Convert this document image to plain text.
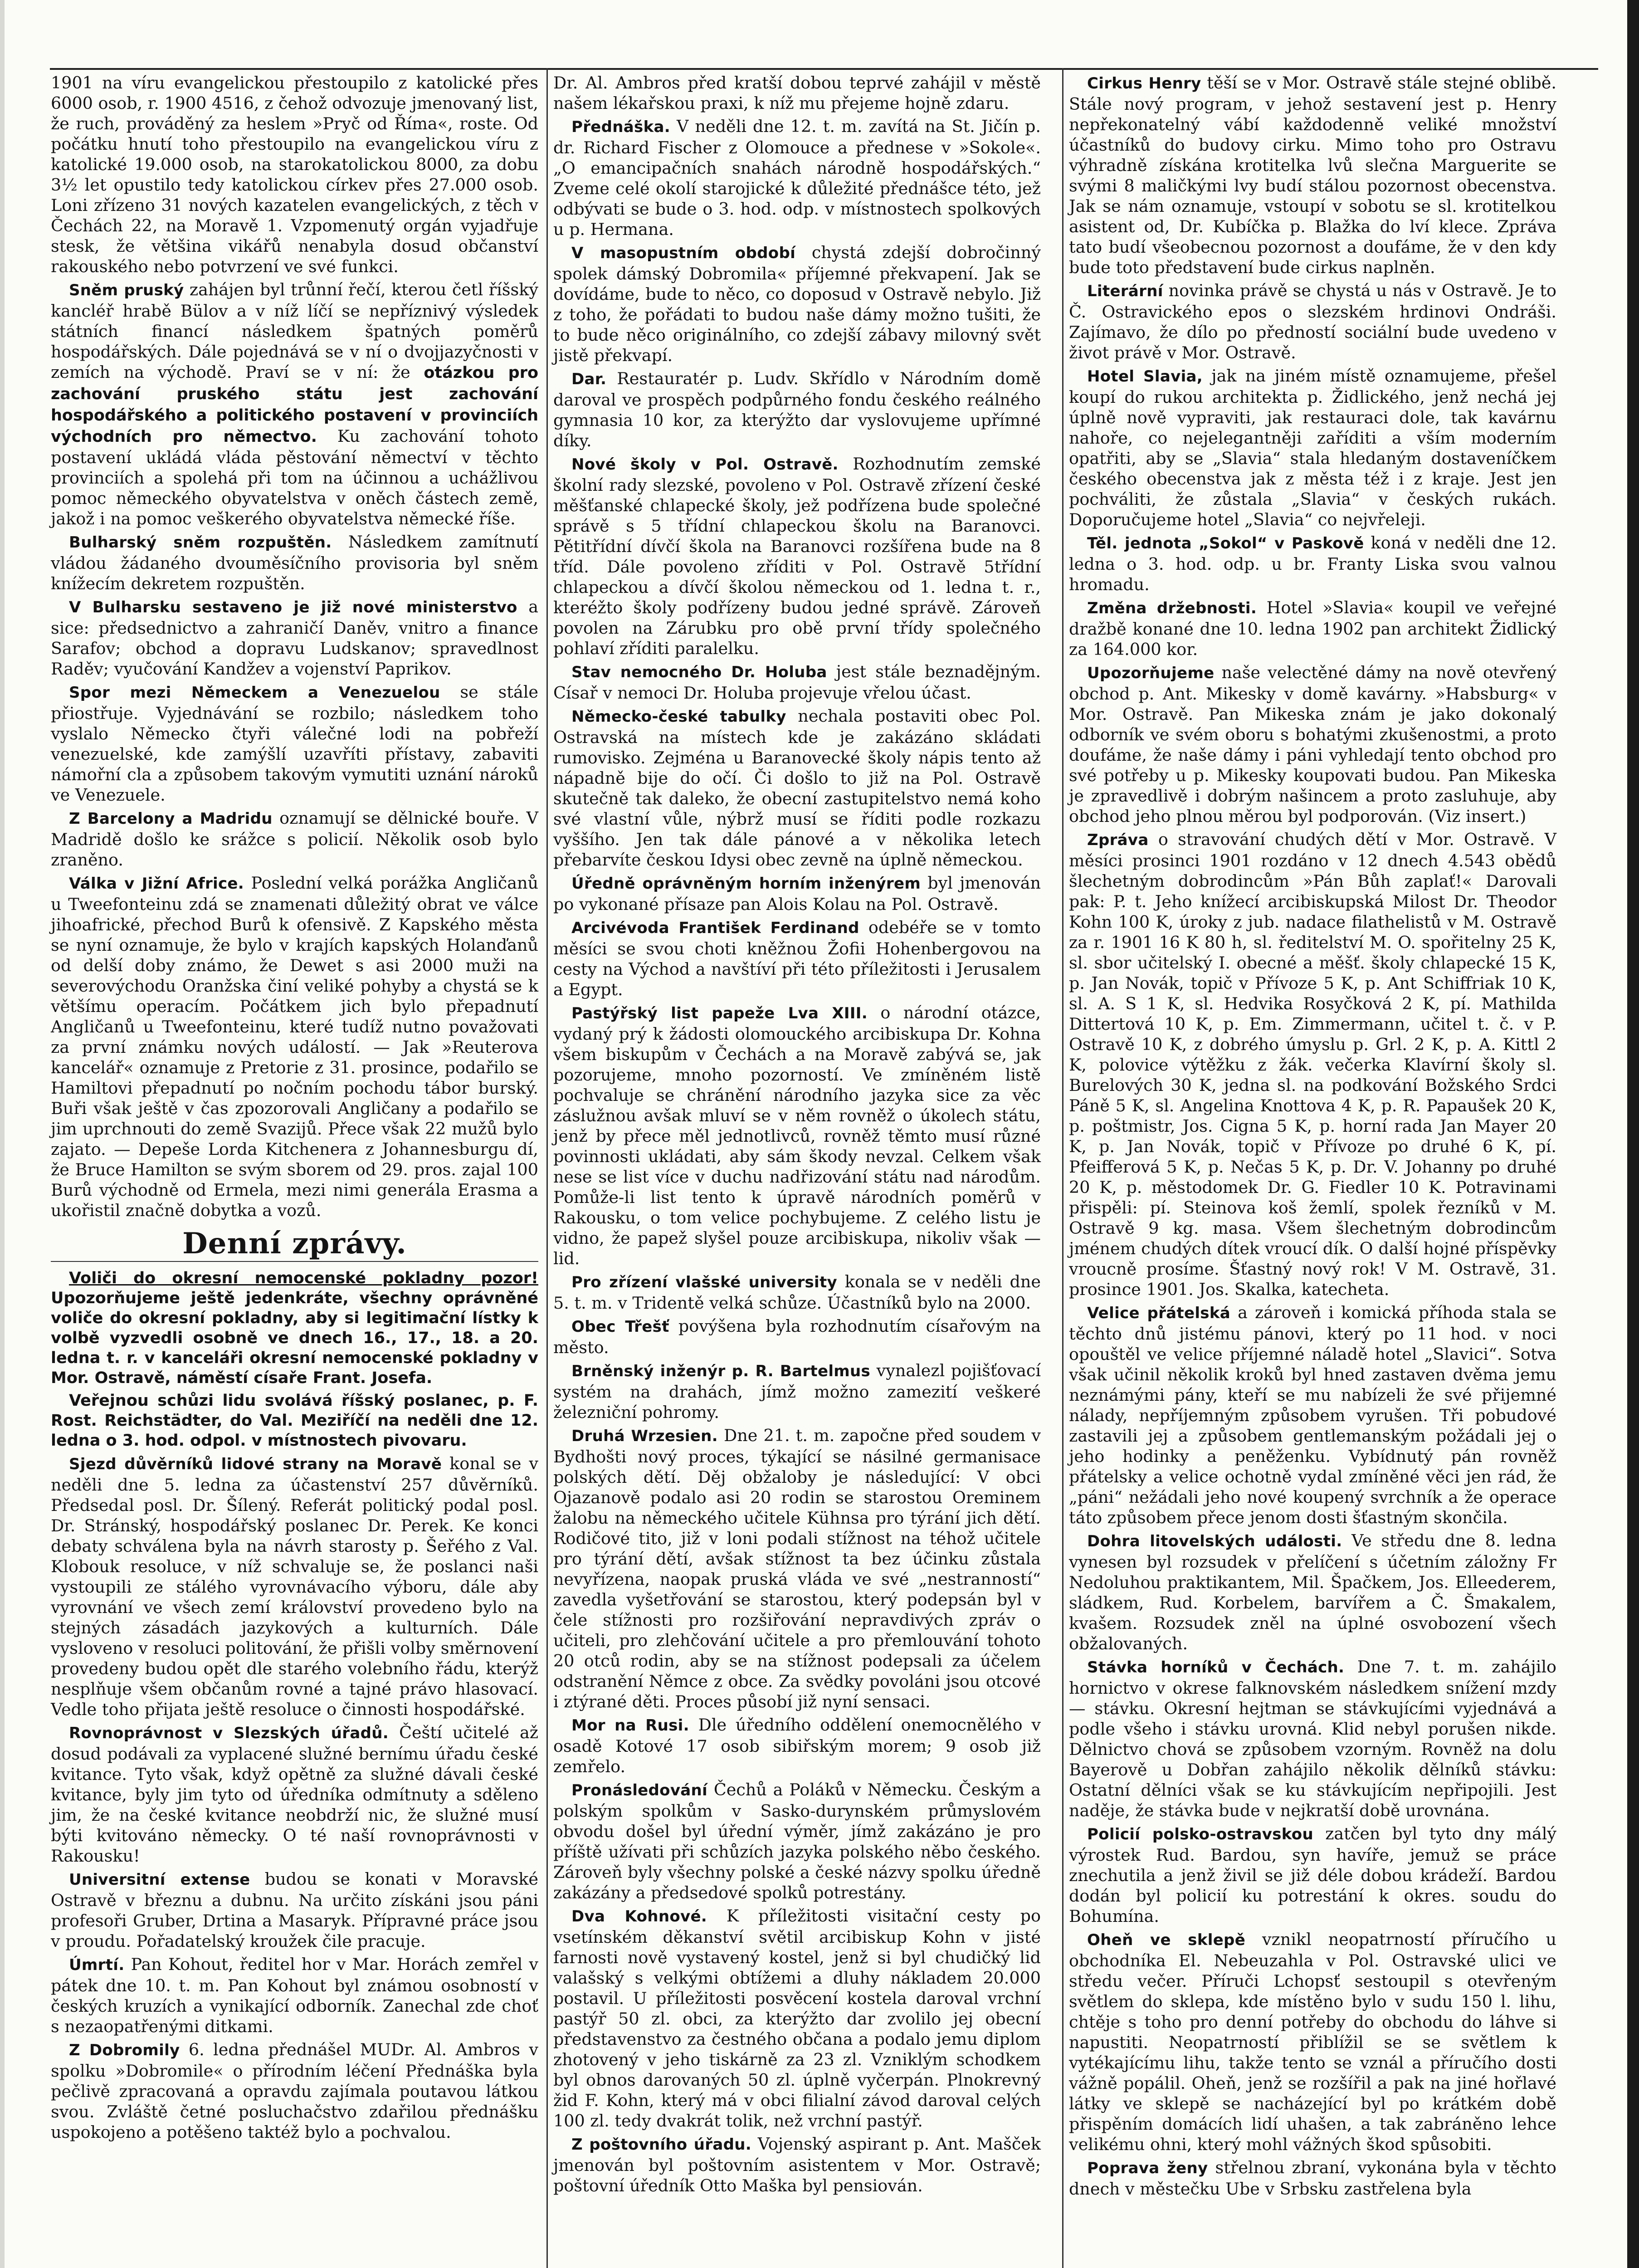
1901 na víru evangelickou přestoupilo z katolické přes 6000 osob, r. 1900 4516, z čehož odvozuje jmenovaný list, že ruch, prováděný za heslem »Pryč od Říma«, roste. Od počátku hnutí toho přestoupilo na evangelickou víru z katolické 19.000 osob, na starokatolickou 8000, za dobu 3½ let opustilo tedy katolickou církev přes 27.000 osob. Loni zřízeno 31 nových kazatelen evangelických, z těch v Čechách 22, na Moravě 1. Vzpomenutý orgán vyjadřuje stesk, že většina vikářů nenabyla dosud občanství rakouského nebo potvrzení ve své funkci.

Sněm pruský zahájen byl trůnní řečí, kterou četl říšský kancléř hrabě Bülov a v níž líčí se nepříznivý výsledek státních financí následkem špatných poměrů hospodářských. Dále pojednává se v ní o dvojjazyčnosti v zemích na východě. Praví se v ní: že otázkou pro zachování pruského státu jest zachování hospodářského a politického postavení v provinciích východních pro němectvo. Ku zachování tohoto postavení ukládá vláda pěstování němectví v těchto provinciích a spolehá při tom na účinnou a uchážlivou pomoc německého obyvatelstva v oněch částech země, jakož i na pomoc veškerého obyvatelstva německé říše.

Bulharský sněm rozpuštěn. Následkem zamítnutí vládou žádaného dvouměsíčního provisoria byl sněm knížecím dekretem rozpuštěn.

V Bulharsku sestaveno je již nové ministerstvo a sice: předsednictvo a zahraničí Daněv, vnitro a finance Sarafov; obchod a dopravu Ludskanov; spravedlnost Raděv; vyučování Kandžev a vojenství Paprikov.

Spor mezi Německem a Venezuelou se stále přiostřuje. Vyjednávání se rozbilo; následkem toho vyslalo Německo čtyři válečné lodi na pobřeží venezuelské, kde zamýšlí uzavříti přístavy, zabaviti námořní cla a způsobem takovým vymutiti uznání nároků ve Venezuele.

Z Barcelony a Madridu oznamují se dělnické bouře. V Madridě došlo ke srážce s policií. Několik osob bylo zraněno.

Válka v Jižní Africe. Poslední velká porážka Angličanů u Tweefonteinu zdá se znamenati důležitý obrat ve válce jihoafrické, přechod Burů k ofensivě. Z Kapského města se nyní oznamuje, že bylo v krajích kapských Holanďanů od delší doby známo, že Dewet s asi 2000 muži na severovýchodu Oranžska činí veliké pohyby a chystá se k většímu operacím. Počátkem jich bylo přepadnutí Angličanů u Tweefonteinu, které tudíž nutno považovati za první známku nových událostí. — Jak »Reuterova kancelář« oznamuje z Pretorie z 31. prosince, podařilo se Hamiltovi přepadnutí po nočním pochodu tábor burský. Buři však ještě v čas zpozorovali Angličany a podařilo se jim uprchnouti do země Svazijů. Přece však 22 mužů bylo zajato. — Depeše Lorda Kitchenera z Johannesburgu dí, že Bruce Hamilton se svým sborem od 29. pros. zajal 100 Burů východně od Ermela, mezi nimi generála Erasma a ukořistil značně dobytka a vozů.

Denní zprávy.

Voliči do okresní nemocenské pokladny pozor! Upozorňujeme ještě jedenkráte, všechny oprávněné voliče do okresní pokladny, aby si legitimační lístky k volbě vyzvedli osobně ve dnech 16., 17., 18. a 20. ledna t. r. v kanceláři okresní nemocenské pokladny v Mor. Ostravě, náměstí císaře Frant. Josefa.

Veřejnou schůzi lidu svolává říšský poslanec, p. F. Rost. Reichstädter, do Val. Meziříčí na neděli dne 12. ledna o 3. hod. odpol. v místnostech pivovaru.

Sjezd důvěrníků lidové strany na Moravě konal se v neděli dne 5. ledna za účastenství 257 důvěrníků. Předsedal posl. Dr. Šílený. Referát politický podal posl. Dr. Stránský, hospodářský poslanec Dr. Perek. Ke konci debaty schválena byla na návrh starosty p. Šeřého z Val. Klobouk resoluce, v níž schvaluje se, že poslanci naši vystoupili ze stálého vyrovnávacího výboru, dále aby vyrovnání ve všech zemí království provedeno bylo na stejných zásadách jazykových a kulturních. Dále vysloveno v resoluci politování, že přišli volby směrnovení provedeny budou opět dle starého volebního řádu, kterýž nesplňuje všem občanům rovné a tajné právo hlasovací. Vedle toho přijata ještě resoluce o činnosti hospodářské.

Rovnoprávnost v Slezských úřadů. Čeští učitelé až dosud podávali za vyplacené služné bernímu úřadu české kvitance. Tyto však, když opětně za služné dávali české kvitance, byly jim tyto od úředníka odmítnuty a sděleno jim, že na české kvitance neobdrží nic, že služné musí býti kvitováno německy. O té naší rovnoprávnosti v Rakousku!

Universitní extense budou se konati v Moravské Ostravě v březnu a dubnu. Na určito získáni jsou páni profesoři Gruber, Drtina a Masaryk. Přípravné práce jsou v proudu. Pořadatelský kroužek čile pracuje.

Úmrtí. Pan Kohout, ředitel hor v Mar. Horách zemřel v pátek dne 10. t. m. Pan Kohout byl známou osobností v českých kruzích a vynikající odborník. Zanechal zde choť s nezaopatřenými ditkami.

Z Dobromily 6. ledna přednášel MUDr. Al. Ambros v spolku »Dobromile« o přírodním léčení Přednáška byla pečlivě zpracovaná a opravdu zajímala poutavou látkou svou. Zvláště četné posluchačstvo zdařilou přednášku uspokojeno a potěšeno taktéž bylo a pochvalou.

Dr. Al. Ambros před kratší dobou teprvé zahájil v městě našem lékařskou praxi, k níž mu přejeme hojně zdaru.

Přednáška. V neděli dne 12. t. m. zavítá na St. Jičín p. dr. Richard Fischer z Olomouce a přednese v »Sokole«. „O emancipačních snahách národně hospodářských.“ Zveme celé okolí starojické k důležité přednášce této, jež odbývati se bude o 3. hod. odp. v místnostech spolkových u p. Hermana.

V masopustním období chystá zdejší dobročinný spolek dámský Dobromila« příjemné překvapení. Jak se dovídáme, bude to něco, co doposud v Ostravě nebylo. Již z toho, že pořádati to budou naše dámy možno tušiti, že to bude něco originálního, co zdejší zábavy milovný svět jistě překvapí.

Dar. Restauratér p. Ludv. Skřídlo v Národním domě daroval ve prospěch podpůrného fondu českého reálného gymnasia 10 kor, za kterýžto dar vyslovujeme upřímné díky.

Nové školy v Pol. Ostravě. Rozhodnutím zemské školní rady slezské, povoleno v Pol. Ostravě zřízení české měšťanské chlapecké školy, jež podřízena bude společné správě s 5 třídní chlapeckou školu na Baranovci. Pětitřídní dívčí škola na Baranovci rozšířena bude na 8 tříd. Dále povoleno zříditi v Pol. Ostravě 5třídní chlapeckou a dívčí školou německou od 1. ledna t. r., kteréžto školy podřízeny budou jedné správě. Zároveň povolen na Zárubku pro obě první třídy společného pohlaví zříditi paralelku.

Stav nemocného Dr. Holuba jest stále beznadějným. Císař v nemoci Dr. Holuba projevuje vřelou účast.

Německo-české tabulky nechala postaviti obec Pol. Ostravská na místech kde je zakázáno skládati rumovisko. Zejména u Baranovecké školy nápis tento až nápadně bije do očí. Či došlo to již na Pol. Ostravě skutečně tak daleko, že obecní zastupitelstvo nemá koho své vlastní vůle, nýbrž musí se říditi podle rozkazu vyššího. Jen tak dále pánové a v několika letech přebarvíte českou Idysi obec zevně na úplně německou.

Úředně oprávněným horním inženýrem byl jmenován po vykonané přísaze pan Alois Kolau na Pol. Ostravě.

Arcivévoda František Ferdinand odebéře se v tomto měsíci se svou choti kněžnou Žofii Hohenbergovou na cesty na Východ a navštíví při této příležitosti i Jerusalem a Egypt.

Pastýřský list papeže Lva XIII. o národní otázce, vydaný prý k žádosti olomouckého arcibiskupa Dr. Kohna všem biskupům v Čechách a na Moravě zabývá se, jak pozorujeme, mnoho pozorností. Ve zmíněném listě pochvaluje se chránění národního jazyka sice za věc záslužnou avšak mluví se v něm rovněž o úkolech státu, jenž by přece měl jednotlivců, rovněž těmto musí různé povinnosti ukládati, aby sám škody nevzal. Celkem však nese se list více v duchu nadřizování státu nad národům. Pomůže-li list tento k úpravě národních poměrů v Rakousku, o tom velice pochybujeme. Z celého listu je vidno, že papež slyšel pouze arcibiskupa, nikoliv však — lid.

Pro zřízení vlašské university konala se v neděli dne 5. t. m. v Tridentě velká schůze. Účastníků bylo na 2000.

Obec Třešť povýšena byla rozhodnutím císařovým na město.

Brněnský inženýr p. R. Bartelmus vynalezl pojišťovací systém na drahách, jímž možno zamezití veškeré železniční pohromy.

Druhá Wrzesien. Dne 21. t. m. započne před soudem v Bydhošti nový proces, týkající se násilné germanisace polských dětí. Děj obžaloby je následující: V obci Ojazanově podalo asi 20 rodin se starostou Oreminem žalobu na německého učitele Kühnsa pro týrání jich dětí. Rodičové tito, již v loni podali stížnost na téhož učitele pro týrání dětí, avšak stížnost ta bez účinku zůstala nevyřízena, naopak pruská vláda ve své „nestranností“ zavedla vyšetřování se starostou, který podepsán byl v čele stížnosti pro rozšiřování nepravdivých zpráv o učiteli, pro zlehčování učitele a pro přemlouvání tohoto 20 otců rodin, aby se na stížnost podepsali za účelem odstranění Němce z obce. Za svědky povoláni jsou otcové i ztýrané děti. Proces působí již nyní sensaci.

Mor na Rusi. Dle úředního oddělení onemocnělého v osadě Kotové 17 osob sibiřským morem; 9 osob již zemřelo.

Pronásledování Čechů a Poláků v Německu. Českým a polským spolkům v Sasko-durynském průmyslovém obvodu došel byl úřední výměr, jímž zakázáno je pro příště užívati při schůzích jazyka polského něbo českého. Zároveň byly všechny polské a české názvy spolku úředně zakázány a předsedové spolků potrestány.

Dva Kohnové. K příležitosti visitační cesty po vsetínském děkanství světil arcibiskup Kohn v jisté farnosti nově vystavený kostel, jenž si byl chudičký lid valašský s velkými obtížemi a dluhy nákladem 20.000 postavil. U příležitosti posvěcení kostela daroval vrchní pastýř 50 zl. obci, za kterýžto dar zvolilo jej obecní představenstvo za čestného občana a podalo jemu diplom zhotovený v jeho tiskárně za 23 zl. Vzniklým schodkem byl obnos darovaných 50 zl. úplně vyčerpán. Plnokrevný žid F. Kohn, který má v obci filialní závod daroval celých 100 zl. tedy dvakrát tolik, než vrchní pastýř.

Z poštovního úřadu. Vojenský aspirant p. Ant. Mašček jmenován byl poštovním asistentem v Mor. Ostravě; poštovní úředník Otto Maška byl pensiován.

Cirkus Henry těší se v Mor. Ostravě stále stejné oblibě. Stále nový program, v jehož sestavení jest p. Henry nepřekonatelný vábí každodenně veliké množství účastníků do budovy cirku. Mimo toho pro Ostravu výhradně získána krotitelka lvů slečna Marguerite se svými 8 maličkými lvy budí stálou pozornost obecenstva. Jak se nám oznamuje, vstoupí v sobotu se sl. krotitelkou asistent od, Dr. Kubíčka p. Blažka do lví klece. Zpráva tato budí všeobecnou pozornost a doufáme, že v den kdy bude toto představení bude cirkus naplněn.

Literární novinka právě se chystá u nás v Ostravě. Je to Č. Ostravického epos o slezském hrdinovi Ondráši. Zajímavo, že dílo po předností sociální bude uvedeno v život právě v Mor. Ostravě.

Hotel Slavia, jak na jiném místě oznamujeme, přešel koupí do rukou architekta p. Židlického, jenž nechá jej úplně nově vypraviti, jak restauraci dole, tak kavárnu nahoře, co nejelegantněji zaříditi a vším moderním opatřiti, aby se „Slavia“ stala hledaným dostaveníčkem českého obecenstva jak z města též i z kraje. Jest jen pochváliti, že zůstala „Slavia“ v českých rukách. Doporučujeme hotel „Slavia“ co nejvřeleji.

Těl. jednota „Sokol“ v Paskově koná v neděli dne 12. ledna o 3. hod. odp. u br. Franty Liska svou valnou hromadu.

Změna držebnosti. Hotel »Slavia« koupil ve veřejné dražbě konané dne 10. ledna 1902 pan architekt Židlický za 164.000 kor.

Upozorňujeme naše velectěné dámy na nově otevřený obchod p. Ant. Mikesky v domě kavárny. »Habsburg« v Mor. Ostravě. Pan Mikeska znám je jako dokonalý odborník ve svém oboru s bohatými zkušenostmi, a proto doufáme, že naše dámy i páni vyhledají tento obchod pro své potřeby u p. Mikesky koupovati budou. Pan Mikeska je zpravedlivě i dobrým našincem a proto zasluhuje, aby obchod jeho plnou měrou byl podporován. (Viz insert.)

Zpráva o stravování chudých dětí v Mor. Ostravě. V měsíci prosinci 1901 rozdáno v 12 dnech 4.543 obědů šlechetným dobrodincům »Pán Bůh zaplať!« Darovali pak: P. t. Jeho knížecí arcibiskupská Milost Dr. Theodor Kohn 100 K, úroky z jub. nadace filathelistů v M. Ostravě za r. 1901 16 K 80 h, sl. ředitelství M. O. spořitelny 25 K, sl. sbor učitelský I. obecné a měšť. školy chlapecké 15 K, p. Jan Novák, topič v Přívoze 5 K, p. Ant Schiffriak 10 K, sl. A. S 1 K, sl. Hedvika Rosyčková 2 K, pí. Mathilda Dittertová 10 K, p. Em. Zimmermann, učitel t. č. v P. Ostravě 10 K, z dobrého úmyslu p. Grl. 2 K, p. A. Kittl 2 K, polovice výtěžku z žák. večerka Klavírní školy sl. Burelových 30 K, jedna sl. na podkování Božského Srdci Páně 5 K, sl. Angelina Knottova 4 K, p. R. Papaušek 20 K, p. poštmistr, Jos. Cigna 5 K, p. horní rada Jan Mayer 20 K, p. Jan Novák, topič v Přívoze po druhé 6 K, pí. Pfeifferová 5 K, p. Nečas 5 K, p. Dr. V. Johanny po druhé 20 K, p. městodomek Dr. G. Fiedler 10 K. Potravinami přispěli: pí. Steinova koš žemlí, spolek řezníků v M. Ostravě 9 kg. masa. Všem šlechetným dobrodincům jménem chudých dítek vroucí dík. O další hojné příspěvky vroucně prosíme. Šťastný nový rok! V M. Ostravě, 31. prosince 1901. Jos. Skalka, katecheta.

Velice přátelská a zároveň i komická příhoda stala se těchto dnů jistému pánovi, který po 11 hod. v noci opouštěl ve velice příjemné náladě hotel „Slavici“. Sotva však učinil několik kroků byl hned zastaven dvěma jemu neznámými pány, kteří se mu nabízeli že své přijemné nálady, nepříjemným způsobem vyrušen. Tři pobudové zastavili jej a způsobem gentlemanským požádali jej o jeho hodinky a peněženku. Vybídnutý pán rovněž přátelsky a velice ochotně vydal zmíněné věci jen rád, že „páni“ nežádali jeho nové koupený svrchník a že operace táto způsobem přece jenom dosti šťastným skončila.

Dohra litovelských události. Ve středu dne 8. ledna vynesen byl rozsudek v přelíčení s účetním záložny Fr Nedoluhou praktikantem, Mil. Špačkem, Jos. Elleederem, sládkem, Rud. Korbelem, barvířem a Č. Šmakalem, kvašem. Rozsudek zněl na úplné osvobození všech obžalovaných.

Stávka horníků v Čechách. Dne 7. t. m. zahájilo hornictvo v okrese falknovském následkem snížení mzdy — stávku. Okresní hejtman se stávkujícími vyjednává a podle všeho i stávku urovná. Klid nebyl porušen nikde. Dělnictvo chová se způsobem vzorným. Rovněž na dolu Bayerově u Dobřan zahájilo několik dělníků stávku: Ostatní dělníci však se ku stávkujícím nepřipojili. Jest naděje, že stávka bude v nejkratší době urovnána.

Policií polsko-ostravskou zatčen byl tyto dny málý výrostek Rud. Bardou, syn havíře, jemuž se práce znechutila a jenž živil se již déle dobou krádeží. Bardou dodán byl policií ku potrestání k okres. soudu do Bohumína.

Oheň ve sklepě vznikl neopatrností příručího u obchodníka El. Nebeuzahla v Pol. Ostravské ulici ve středu večer. Příruči Lchopsť sestoupil s otevřeným světlem do sklepa, kde místěno bylo v sudu 150 l. lihu, chtěje s toho pro denní potřeby do obchodu do láhve si napustiti. Neopatrností přiblížil se se světlem k vytékajícímu lihu, takže tento se vznál a příručího dosti vážně popálil. Oheň, jenž se rozšířil a pak na jiné hořlavé látky ve sklepě se nacházející byl po krátkém době přispěním domácích lidí uhašen, a tak zabráněno lehce velikému ohni, který mohl vážných škod spůsobiti.

Poprava ženy střelnou zbraní, vykonána byla v těchto dnech v městečku Ube v Srbsku zastřelena byla
